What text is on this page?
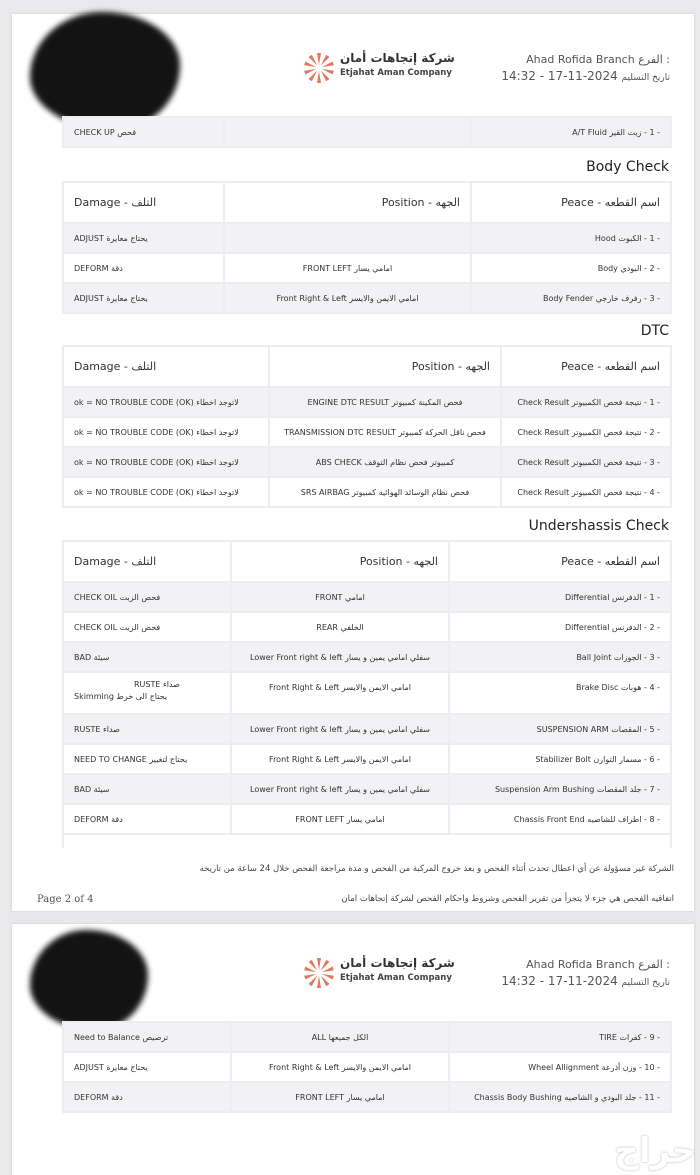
شركة إتجاهات أمان
Etjahat Aman Company
Ahad Rofida Branch الفرع :
تاريخ التسليم 2024-11-17 - 14:32
- 1 - زيت القير A/T Fluid		فحص CHECK UP
Body Check
اسم القطعه - Peace	الجهه - Position	التلف - Damage
- 1 - الكبوت Hood		يحتاج معايرة ADJUST
- 2 - البودي Body	امامي يسار FRONT LEFT	دقة DEFORM
- 3 - رفرف خارجي Body Fender	امامي الايمن والايسر Front Right & Left	يحتاج معايرة ADJUST
DTC
اسم القطعه - Peace	الجهه - Position	التلف - Damage
- 1 - نتيجة فحص الكمبيوتر Check Result	فحص المكينة كمبيوتر ENGINE DTC RESULT	لاتوجد اخطاء ok = NO TROUBLE CODE (OK)
- 2 - نتيجة فحص الكمبيوتر Check Result	فحص ناقل الحركة كمبيوتر TRANSMISSION DTC RESULT	لاتوجد اخطاء ok = NO TROUBLE CODE (OK)
- 3 - نتيجة فحص الكمبيوتر Check Result	كمبيوتر فحص نظام التوقف ABS CHECK	لاتوجد اخطاء ok = NO TROUBLE CODE (OK)
- 4 - نتيجة فحص الكمبيوتر Check Result	فحص نظام الوسائد الهوائيه كمبيوتر SRS AIRBAG	لاتوجد اخطاء ok = NO TROUBLE CODE (OK)
Undershassis Check
اسم القطعه - Peace	الجهه - Position	التلف - Damage
- 1 - الدفرنس Differential	امامي FRONT	فحص الزيت CHECK OIL
- 2 - الدفرنس Differential	الخلفي REAR	فحص الزيت CHECK OIL
- 3 - الجوزات Ball Joint	سفلي امامي يمين و يسار Lower Front right & left	سيئة BAD
- 4 - هوبات Brake Disc	امامي الايمن والايسر Front Right & Left	صداء RUSTE
يحتاج الى خرط Skimming

- 5 - المقصات SUSPENSION ARM	سفلي امامي يمين و يسار Lower Front right & left	صداء RUSTE
- 6 - مسمار التوازن Stabilizer Bolt	امامي الايمن والايسر Front Right & Left	يحتاج لتغيير NEED TO CHANGE
- 7 - جلد المقصات Suspension Arm Bushing	سفلي امامي يمين و يسار Lower Front right & left	سيئة BAD
- 8 - اطراف للشاصيه Chassis Front End	امامي يسار FRONT LEFT	دقة DEFORM

الشركة غير مسؤولة عن أي اعطال تحدث أثناء الفحص و بعد خروج المركبة من الفحص و مدة مراجعة الفحص خلال 24 ساعة من تاريخه
اتفاقيه الفحص هي جزء لا يتجزأ من تقرير الفحص وشروط واحكام الفحص لشركة إتجاهات امان
Page 2 of 4
شركة إتجاهات أمان
Etjahat Aman Company
Ahad Rofida Branch الفرع :
تاريخ التسليم 2024-11-17 - 14:32
- 9 - كفرات TIRE	الكل جميعها ALL	ترصيص Need to Balance
- 10 - وزن أذرعة Wheel Allignment	امامي الايمن والايسر Front Right & Left	يحتاج معايرة ADJUST
- 11 - جلد البودي و الشاصيه Chassis Body Bushing	امامي يسار FRONT LEFT	دقة DEFORM
حراج
